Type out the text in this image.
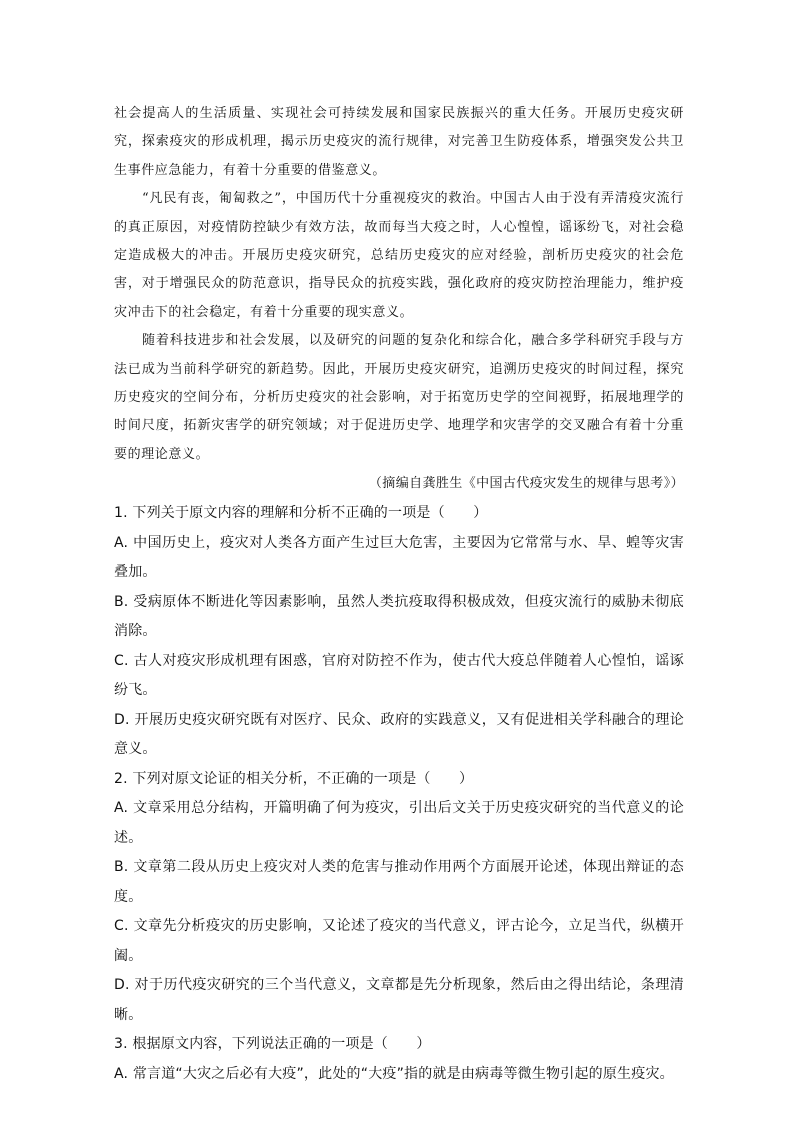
社会提高人的生活质量、实现社会可持续发展和国家民族振兴的重大任务。开展历史疫灾研究，探索疫灾的形成机理，揭示历史疫灾的流行规律，对完善卫生防疫体系，增强突发公共卫生事件应急能力，有着十分重要的借鉴意义。

“凡民有丧，匍匐救之”，中国历代十分重视疫灾的救治。中国古人由于没有弄清疫灾流行的真正原因，对疫情防控缺少有效方法，故而每当大疫之时，人心惶惶，谣诼纷飞，对社会稳定造成极大的冲击。开展历史疫灾研究，总结历史疫灾的应对经验，剖析历史疫灾的社会危害，对于增强民众的防范意识，指导民众的抗疫实践，强化政府的疫灾防控治理能力，维护疫灾冲击下的社会稳定，有着十分重要的现实意义。

随着科技进步和社会发展，以及研究的问题的复杂化和综合化，融合多学科研究手段与方法已成为当前科学研究的新趋势。因此，开展历史疫灾研究，追溯历史疫灾的时间过程，探究历史疫灾的空间分布，分析历史疫灾的社会影响，对于拓宽历史学的空间视野，拓展地理学的时间尺度，拓新灾害学的研究领域；对于促进历史学、地理学和灾害学的交叉融合有着十分重要的理论意义。

（摘编自龚胜生《中国古代疫灾发生的规律与思考》）
1. 下列关于原文内容的理解和分析不正确的一项是（　　）
A. 中国历史上，疫灾对人类各方面产生过巨大危害，主要因为它常常与水、旱、蝗等灾害叠加。
B. 受病原体不断进化等因素影响，虽然人类抗疫取得积极成效，但疫灾流行的威胁未彻底消除。
C. 古人对疫灾形成机理有困惑，官府对防控不作为，使古代大疫总伴随着人心惶怕，谣诼纷飞。
D. 开展历史疫灾研究既有对医疗、民众、政府的实践意义，又有促进相关学科融合的理论意义。
2. 下列对原文论证的相关分析，不正确的一项是（　　）
A. 文章采用总分结构，开篇明确了何为疫灾，引出后文关于历史疫灾研究的当代意义的论述。
B. 文章第二段从历史上疫灾对人类的危害与推动作用两个方面展开论述，体现出辩证的态度。
C. 文章先分析疫灾的历史影响，又论述了疫灾的当代意义，评古论今，立足当代，纵横开阖。
D. 对于历代疫灾研究的三个当代意义，文章都是先分析现象，然后由之得出结论，条理清晰。
3. 根据原文内容，下列说法正确的一项是（　　）
A. 常言道“大灾之后必有大疫”，此处的“大疫”指的就是由病毒等微生物引起的原生疫灾。
